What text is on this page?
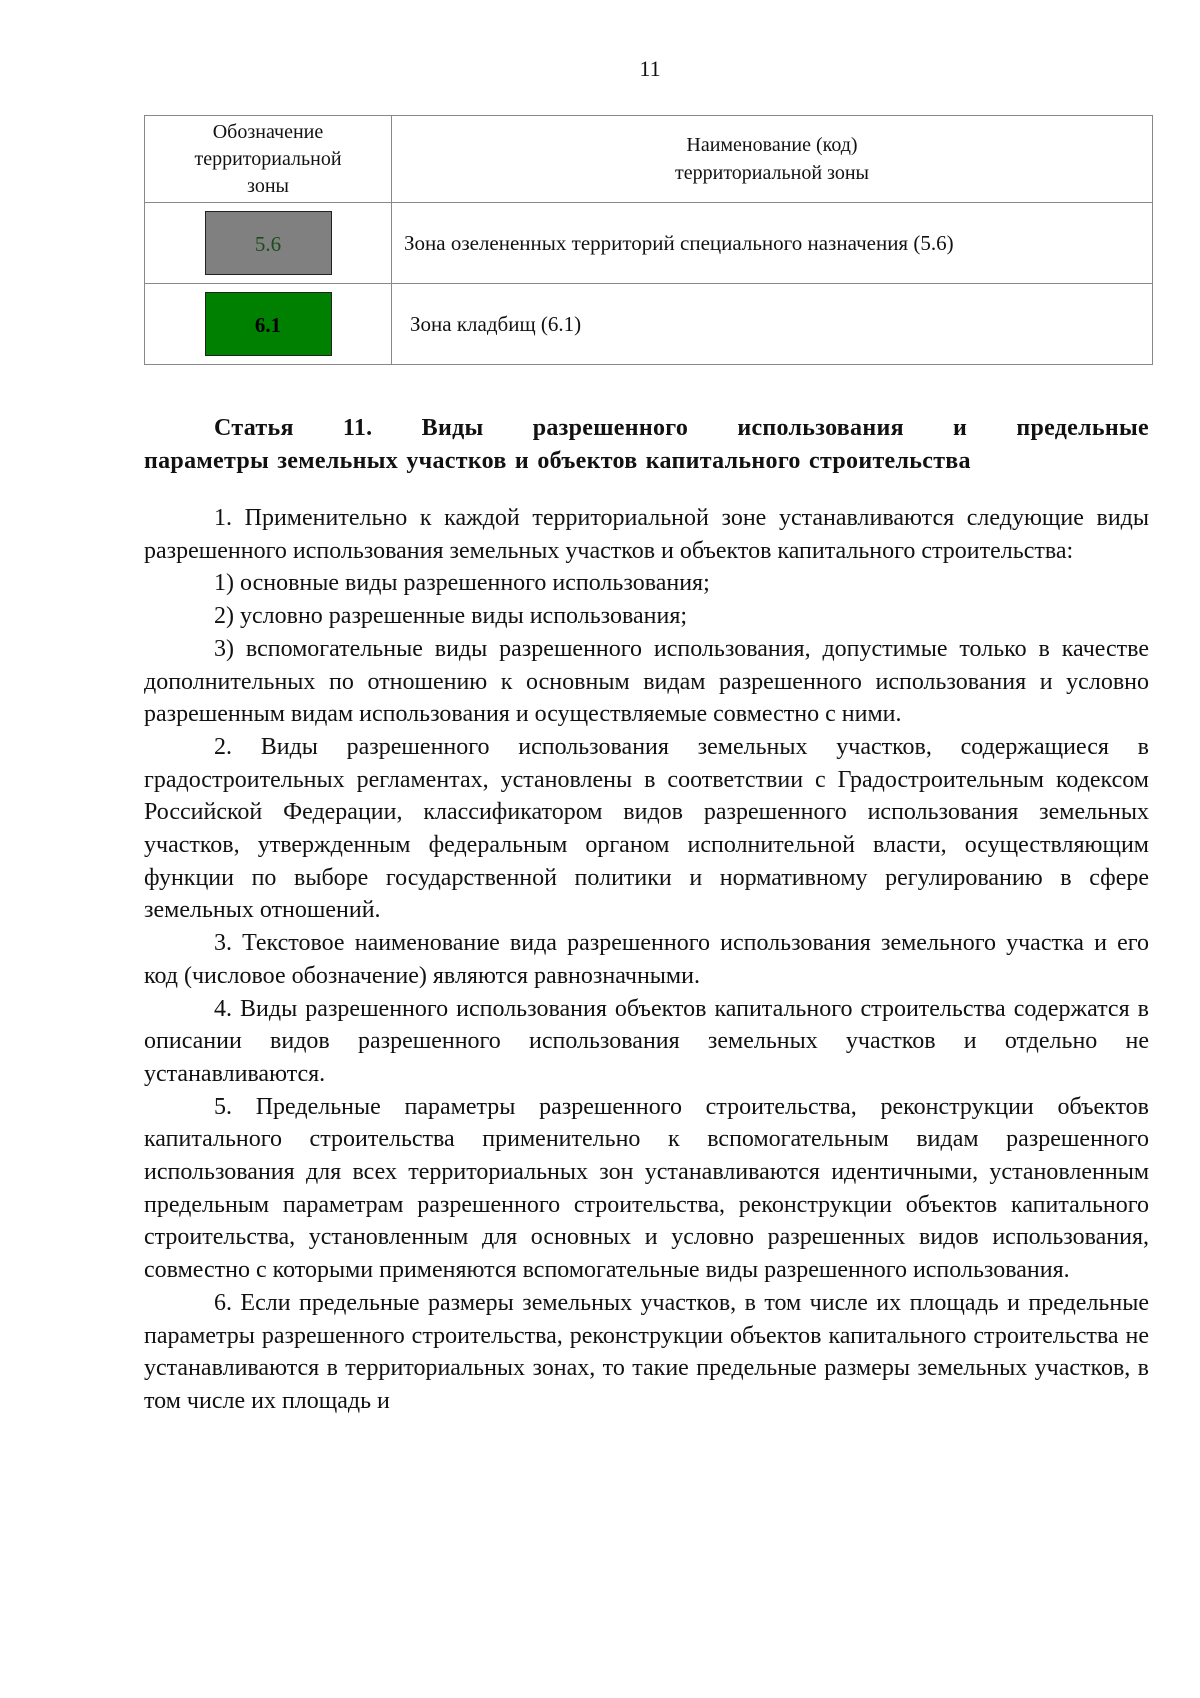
11
Обозначение
территориальной
зоны	Наименование (код)
территориальной зоны
5.6	Зона озелененных территорий специального назначения (5.6)
6.1	Зона кладбищ (6.1)
Статья 11. Виды разрешенного использования и предельные
параметры земельных участков и объектов капитального строительства

1. Применительно к каждой территориальной зоне устанавливаются следующие виды разрешенного использования земельных участков и объектов капитального строительства:

1) основные виды разрешенного использования;

2) условно разрешенные виды использования;

3) вспомогательные виды разрешенного использования, допустимые только в качестве дополнительных по отношению к основным видам разрешенного использования и условно разрешенным видам использования и осуществляемые совместно с ними.

2. Виды разрешенного использования земельных участков, содержащиеся в градостроительных регламентах, установлены в соответствии с Градостроительным кодексом Российской Федерации, классификатором видов разрешенного использования земельных участков, утвержденным федеральным органом исполнительной власти, осуществляющим функции по выборе государственной политики и нормативному регулированию в сфере земельных отношений.

3. Текстовое наименование вида разрешенного использования земельного участка и его код (числовое обозначение) являются равнозначными.

4. Виды разрешенного использования объектов капитального строительства содержатся в описании видов разрешенного использования земельных участков и отдельно не устанавливаются.

5. Предельные параметры разрешенного строительства, реконструкции объектов капитального строительства применительно к вспомогательным видам разрешенного использования для всех территориальных зон устанавливаются идентичными, установленным предельным параметрам разрешенного строительства, реконструкции объектов капитального строительства, установленным для основных и условно разрешенных видов использования, совместно с которыми применяются вспомогательные виды разрешенного использования.

6. Если предельные размеры земельных участков, в том числе их площадь и предельные параметры разрешенного строительства, реконструкции объектов капитального строительства не устанавливаются в территориальных зонах, то такие предельные размеры земельных участков, в том числе их площадь и
